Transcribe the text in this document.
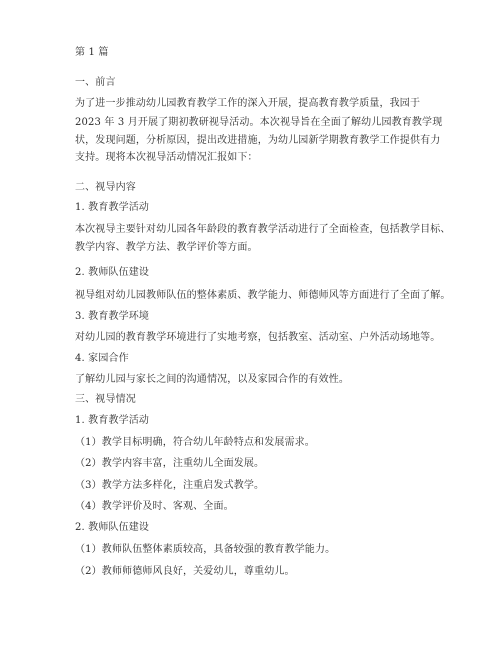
第 1 篇
一、前言
为了进一步推动幼儿园教育教学工作的深入开展，提高教育教学质量，我园于
2023 年 3 月开展了期初教研视导活动。本次视导旨在全面了解幼儿园教育教学现
状，发现问题，分析原因，提出改进措施，为幼儿园新学期教育教学工作提供有力
支持。现将本次视导活动情况汇报如下：
二、视导内容
1. 教育教学活动
本次视导主要针对幼儿园各年龄段的教育教学活动进行了全面检查，包括教学目标、
教学内容、教学方法、教学评价等方面。
2. 教师队伍建设
视导组对幼儿园教师队伍的整体素质、教学能力、师德师风等方面进行了全面了解。
3. 教育教学环境
对幼儿园的教育教学环境进行了实地考察，包括教室、活动室、户外活动场地等。
4. 家园合作
了解幼儿园与家长之间的沟通情况，以及家园合作的有效性。
三、视导情况
1. 教育教学活动
（1）教学目标明确，符合幼儿年龄特点和发展需求。
（2）教学内容丰富，注重幼儿全面发展。
（3）教学方法多样化，注重启发式教学。
（4）教学评价及时、客观、全面。
2. 教师队伍建设
（1）教师队伍整体素质较高，具备较强的教育教学能力。
（2）教师师德师风良好，关爱幼儿，尊重幼儿。
